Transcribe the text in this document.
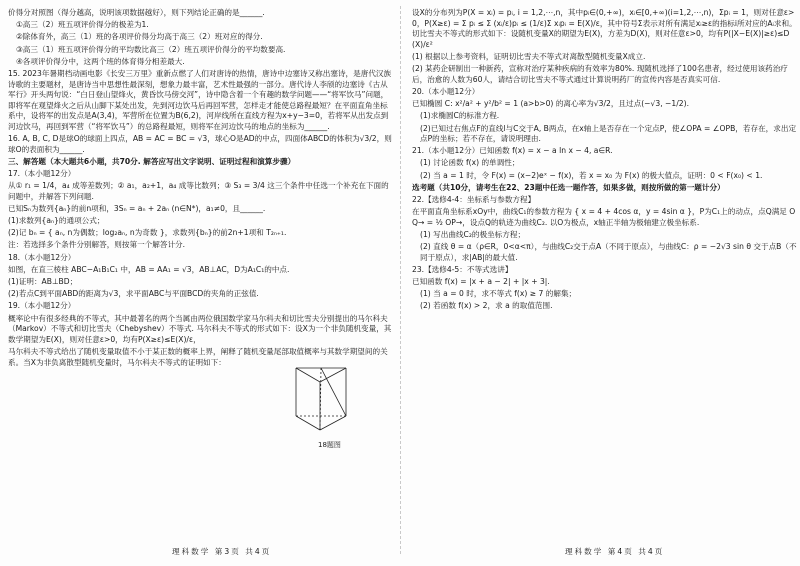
价得分对照图（得分越高，说明该项数据越好），则下列结论正确的是______.

①高三（2）班五项评价得分的极差为1.

②除体育外，高三（1）班的各项评价得分均高于高三（2）班对应的得分.

③高三（1）班五项评价得分的平均数比高三（2）班五项评价得分的平均数要高.

④各项评价得分中，这两个班的体育得分相差最大.

15. 2023年暑期档动画电影《长安三万里》重新点燃了人们对唐诗的热情，唐诗中边塞诗又称出塞诗，是唐代汉族诗歌的主要题材，是唐诗当中思想性最深刻，想象力最丰富，艺术性最强的一部分。唐代诗人李颀的边塞诗《古从军行》开头两句说：“白日登山望烽火，黄昏饮马傍交河”，诗中隐含着一个有趣的数学问题——“将军饮马”问题，即将军在观望烽火之后从山脚下某处出发，先到河边饮马后再回军营，怎样走才能使总路程最短？在平面直角坐标系中，设将军的出发点是A(3,4)，军营所在位置为B(6,2)，河岸线所在直线方程为x+y−3=0，若将军从出发点到河边饮马，再回到军营（“将军饮马”）的总路程最短，则将军在河边饮马的地点的坐标为______.

16. A, B, C, D是球O的球面上四点，AB = AC = BC = √3，球心O是AD的中点，四面体ABCD的体积为√3/2，则球O的表面积为______.

三、解答题（本大题共6小题，共70分. 解答应写出文字说明、证明过程和演算步骤）

17.（本小题12分）

从① r₁ = 1/4，a₄ 成等差数列；② a₁，a₂+1，a₄ 成等比数列；③ S₃ = 3/4 这三个条件中任选一个补充在下面的问题中，并解答下列问题.

已知Sₙ为数列{aₙ}的前n项和，3Sₙ = aₙ + 2aₙ (n∈N*)，a₁≠0，且______.

(1)求数列{aₙ}的通项公式；

(2)记 bₙ = { aₙ, n为偶数；log₂aₙ, n为奇数 }，求数列{bₙ}的前2n+1项和 T₂ₙ₊₁.

注：若选择多个条件分别解答，则按第一个解答计分.

18.（本小题12分）

如图，在直三棱柱 ABC−A₁B₁C₁ 中，AB = AA₁ = √3，AB⊥AC，D为A₁C₁的中点.

(1)证明：AB⊥BD；

(2)若点C到平面ABD的距离为√3，求平面ABC与平面BCD的夹角的正弦值.

19.（本小题12分）

概率论中有很多经典的不等式，其中最著名的两个当属由两位俄国数学家马尔科夫和切比雪夫分别提出的马尔科夫（Markov）不等式和切比雪夫（Chebyshev）不等式. 马尔科夫不等式的形式如下：设X为一个非负随机变量，其数学期望为E(X)，则对任意ε>0，均有P(X≥ε)≤E(X)/ε，

马尔科夫不等式给出了随机变量取值不小于某正数的概率上界，阐释了随机变量尾部取值概率与其数学期望间的关系。当X为非负离散型随机变量时，马尔科夫不等式的证明如下：

18题图
理科数学 第3页 共4页

设X的分布列为P(X = xᵢ) = pᵢ, i = 1,2,⋯,n，其中pᵢ∈(0,+∞)，xᵢ∈[0,+∞)(i=1,2,⋯,n)，Σpᵢ = 1，则对任意ε>0，P(X≥ε) = Σ pᵢ ≤ Σ (xᵢ/ε)pᵢ ≤ (1/ε)Σ xᵢpᵢ = E(X)/ε，其中符号Σ表示对所有满足xᵢ≥ε的指标i所对应的Aᵢ求和。切比雪夫不等式的形式如下：设随机变量X的期望为E(X)，方差为D(X)，则对任意ε>0，均有P(|X−E(X)|≥ε)≤D(X)/ε²

(1) 根据以上参考资料，证明切比雪夫不等式对离散型随机变量X成立.

(2) 某药企研制出一种新药，宣称对治疗某种疾病的有效率为80%. 现随机选择了100名患者，经过使用该药治疗后，治愈的人数为60人，请结合切比雪夫不等式通过计算说明药厂的宣传内容是否真实可信.

20.（本小题12分）

已知椭圆 C: x²/a² + y²/b² = 1 (a>b>0) 的离心率为√3/2，且过点(−√3, −1/2).

(1)求椭圆C的标准方程.

(2)已知过右焦点F的直线l与C交于A, B两点，在x轴上是否存在一个定点P，使∠OPA = ∠OPB，若存在，求出定点P的坐标；若不存在，请说明理由.

21.（本小题12分）已知函数 f(x) = x − a ln x − 4, a∈R.

(1) 讨论函数 f(x) 的单调性；

(2) 当 a = 1 时，令 F(x) = (x−2)eˣ − f(x)，若 x = x₀ 为 F(x) 的极大值点，证明：0 < F(x₀) < 1.

选考题（共10分，请考生在22、23题中任选一题作答，如果多做，则按所做的第一题计分）

22.【选修4-4：坐标系与参数方程】

在平面直角坐标系xOy中，曲线C₁的参数方程为 { x = 4 + 4cos α，y = 4sin α }，P为C₁上的动点，点Q满足 OQ→ = ½ OP→，设点Q的轨迹为曲线C₂. 以O为极点，x轴正半轴为极轴建立极坐标系.

(1) 写出曲线C₂的极坐标方程；

(2) 直线 θ = α（ρ∈R，0<α<π），与曲线C₂交于点A（不同于原点），与曲线C：ρ = −2√3 sin θ 交于点B（不同于原点），求|AB|的最大值.

23.【选修4-5：不等式选讲】

已知函数 f(x) = |x + a − 2| + |x + 3|.

(1) 当 a = 0 时，求不等式 f(x) ≥ 7 的解集；

(2) 若函数 f(x) > 2，求 a 的取值范围.

理科数学 第4页 共4页
